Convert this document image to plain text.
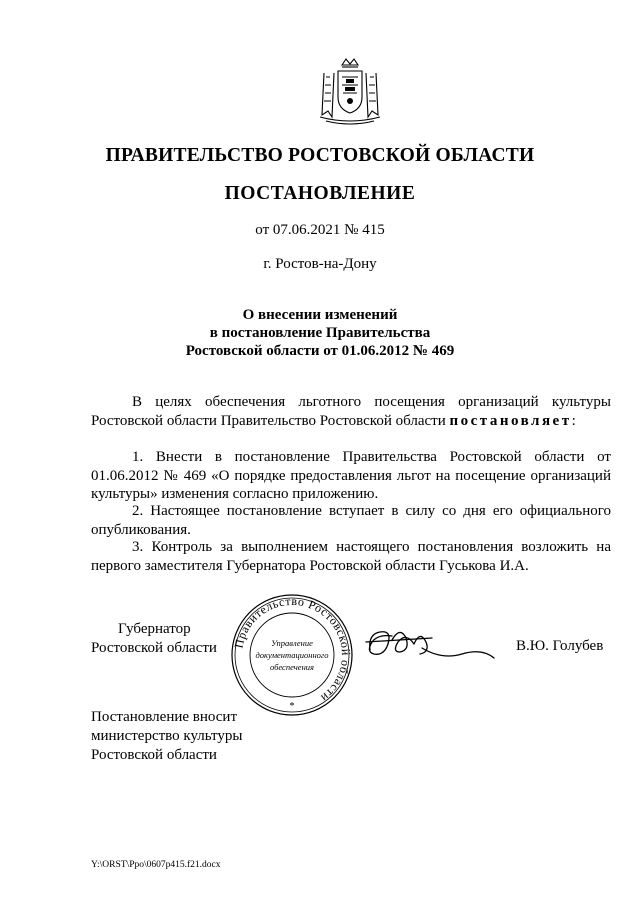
ПРАВИТЕЛЬСТВО РОСТОВСКОЙ ОБЛАСТИ
ПОСТАНОВЛЕНИЕ
от 07.06.2021 № 415
г. Ростов-на-Дону
О внесении изменений
в постановление Правительства
Ростовской области от 01.06.2012 № 469
В целях обеспечения льготного посещения организаций культуры Ростовской области Правительство Ростовской области постановляет:
1. Внести в постановление Правительства Ростовской области от 01.06.2012 № 469 «О порядке предоставления льгот на посещение организаций культуры» изменения согласно приложению.
2. Настоящее постановление вступает в силу со дня его официального опубликования.
3. Контроль за выполнением настоящего постановления возложить на первого заместителя Губернатора Ростовской области Гуськова И.А.
Губернатор
Ростовской области Правительство Ростовской области
Управление
документационного
обеспечения
*
В.Ю. Голубев
Постановление вносит
министерство культуры
Ростовской области
Y:\ORST\Ppo\0607p415.f21.docx
